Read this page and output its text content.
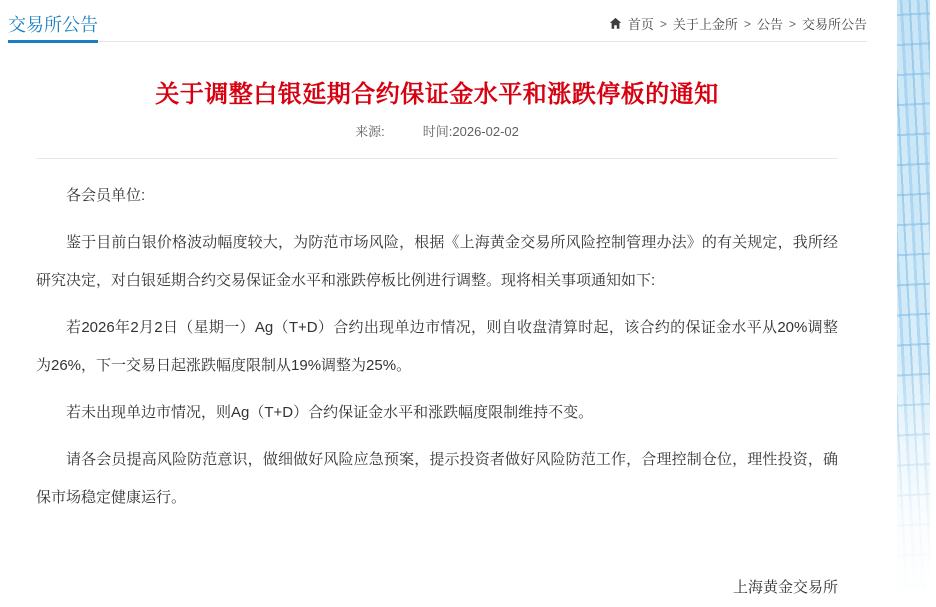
交易所公告	首页 > 关于上金所 > 公告 > 交易所公告
关于调整白银延期合约保证金水平和涨跌停板的通知
来源:	时间:2026-02-02

各会员单位:

鉴于目前白银价格波动幅度较大，为防范市场风险，根据《上海黄金交易所风险控制管理办法》的有关规定，我所经研究决定，对白银延期合约交易保证金水平和涨跌停板比例进行调整。现将相关事项通知如下:

若2026年2月2日（星期一）Ag（T+D）合约出现单边市情况，则自收盘清算时起，该合约的保证金水平从20%调整为26%，下一交易日起涨跌幅度限制从19%调整为25%。

若未出现单边市情况，则Ag（T+D）合约保证金水平和涨跌幅度限制维持不变。

请各会员提高风险防范意识，做细做好风险应急预案，提示投资者做好风险防范工作，合理控制仓位，理性投资，确保市场稳定健康运行。

上海黄金交易所
